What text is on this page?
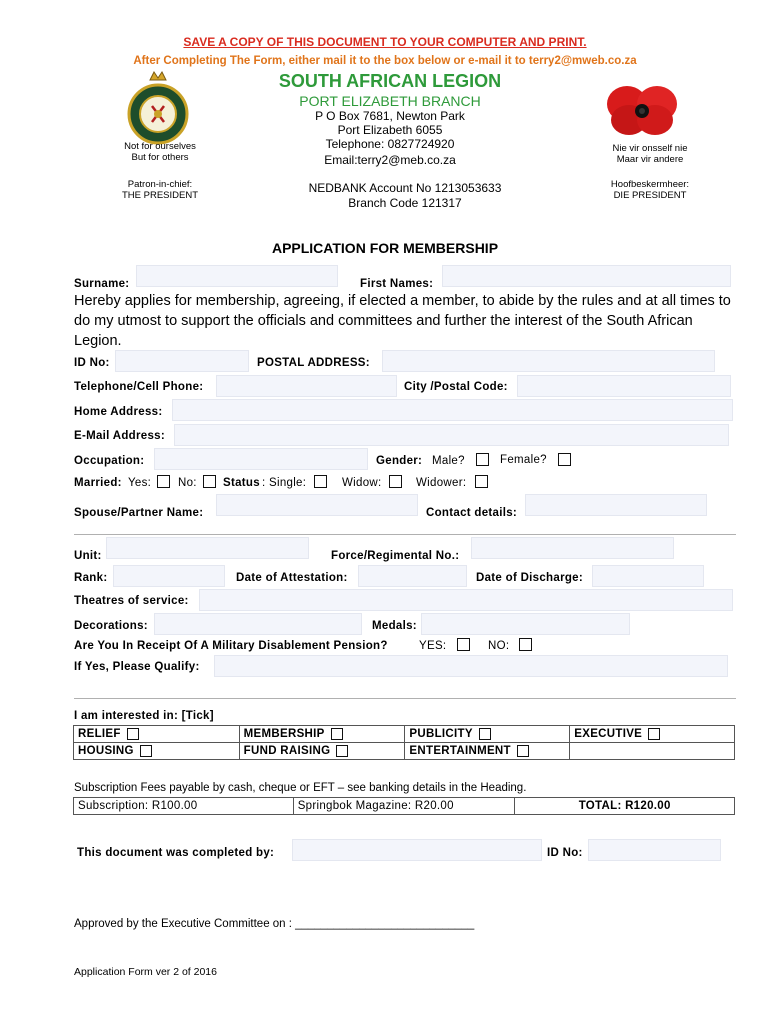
SAVE A COPY OF THIS DOCUMENT TO YOUR COMPUTER AND PRINT.
After Completing The Form, either mail it to the box below or e-mail it to terry2@mweb.co.za
SOUTH AFRICAN LEGION
PORT ELIZABETH BRANCH
P O Box 7681, Newton Park
Port Elizabeth 6055
Telephone: 0827724920
Email:terry2@meb.co.za
NEDBANK Account No 1213053633
Branch Code 121317
Not for ourselves
But for others
Patron-in-chief:
THE PRESIDENT
Nie vir onsself nie
Maar vir andere
Hoofbeskermheer:
DIE PRESIDENT
APPLICATION FOR MEMBERSHIP
Surname:	First Names:
Hereby applies for membership, agreeing, if elected a member, to abide by the rules and at all times to do my utmost to support the officials and committees and further the interest of the South African Legion.
ID No:	POSTAL ADDRESS:
Telephone/Cell Phone:	City /Postal Code:
Home Address:
E-Mail Address:
Occupation:	Gender: Male?	Female?
Married: Yes: No: Status : Single:	Widow:	Widower:
Spouse/Partner Name:	Contact details:
Unit:	Force/Regimental No.:
Rank:	Date of Attestation:	Date of Discharge:
Theatres of service:
Decorations:	Medals:
Are You In Receipt Of A Military Disablement Pension?	YES:	NO:
If Yes, Please Qualify:
I am interested in: [Tick]
RELIEF	MEMBERSHIP	PUBLICITY	EXECUTIVE
HOUSING	FUND RAISING	ENTERTAINMENT	
Subscription Fees payable by cash, cheque or EFT – see banking details in the Heading.
Subscription: R100.00	Springbok Magazine: R20.00	TOTAL: R120.00
This document was completed by:	ID No:
Approved by the Executive Committee on : ____________________________
Application Form ver 2 of 2016
